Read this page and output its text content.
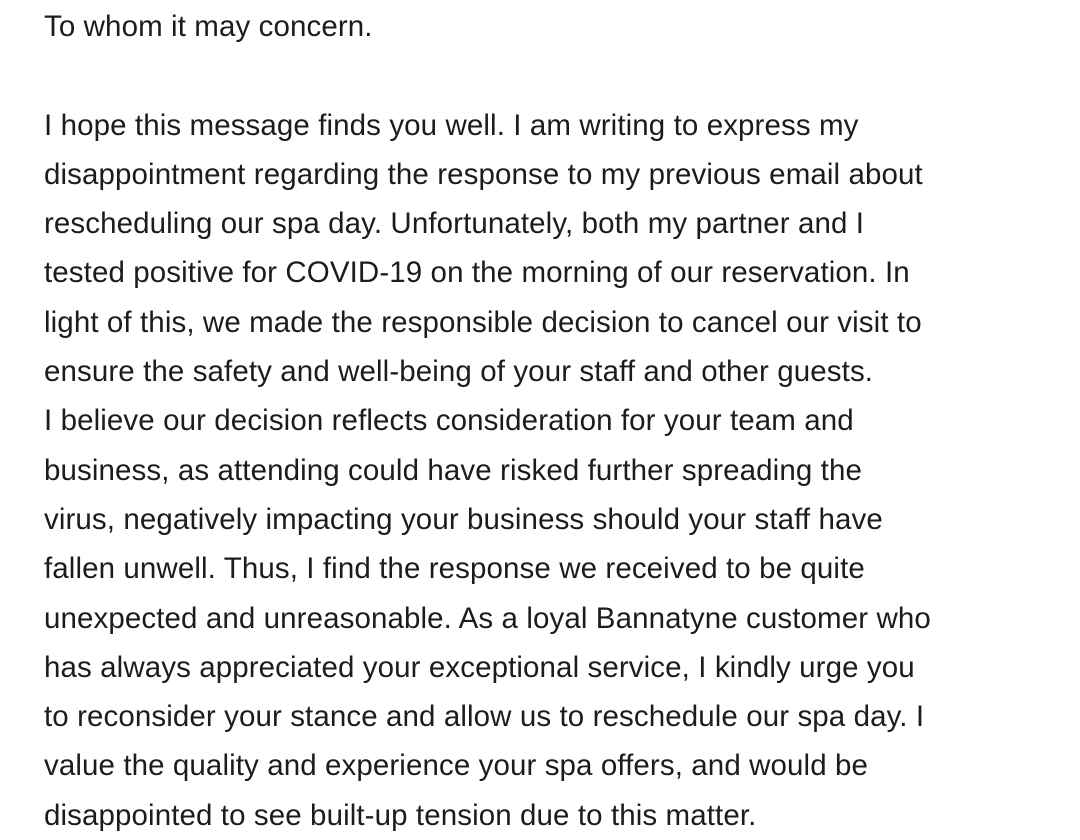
To whom it may concern.
I hope this message finds you well. I am writing to express my
disappointment regarding the response to my previous email about
rescheduling our spa day. Unfortunately, both my partner and I
tested positive for COVID-19 on the morning of our reservation. In
light of this, we made the responsible decision to cancel our visit to
ensure the safety and well-being of your staff and other guests.
I believe our decision reflects consideration for your team and
business, as attending could have risked further spreading the
virus, negatively impacting your business should your staff have
fallen unwell. Thus, I find the response we received to be quite
unexpected and unreasonable. As a loyal Bannatyne customer who
has always appreciated your exceptional service, I kindly urge you
to reconsider your stance and allow us to reschedule our spa day. I
value the quality and experience your spa offers, and would be
disappointed to see built-up tension due to this matter.
